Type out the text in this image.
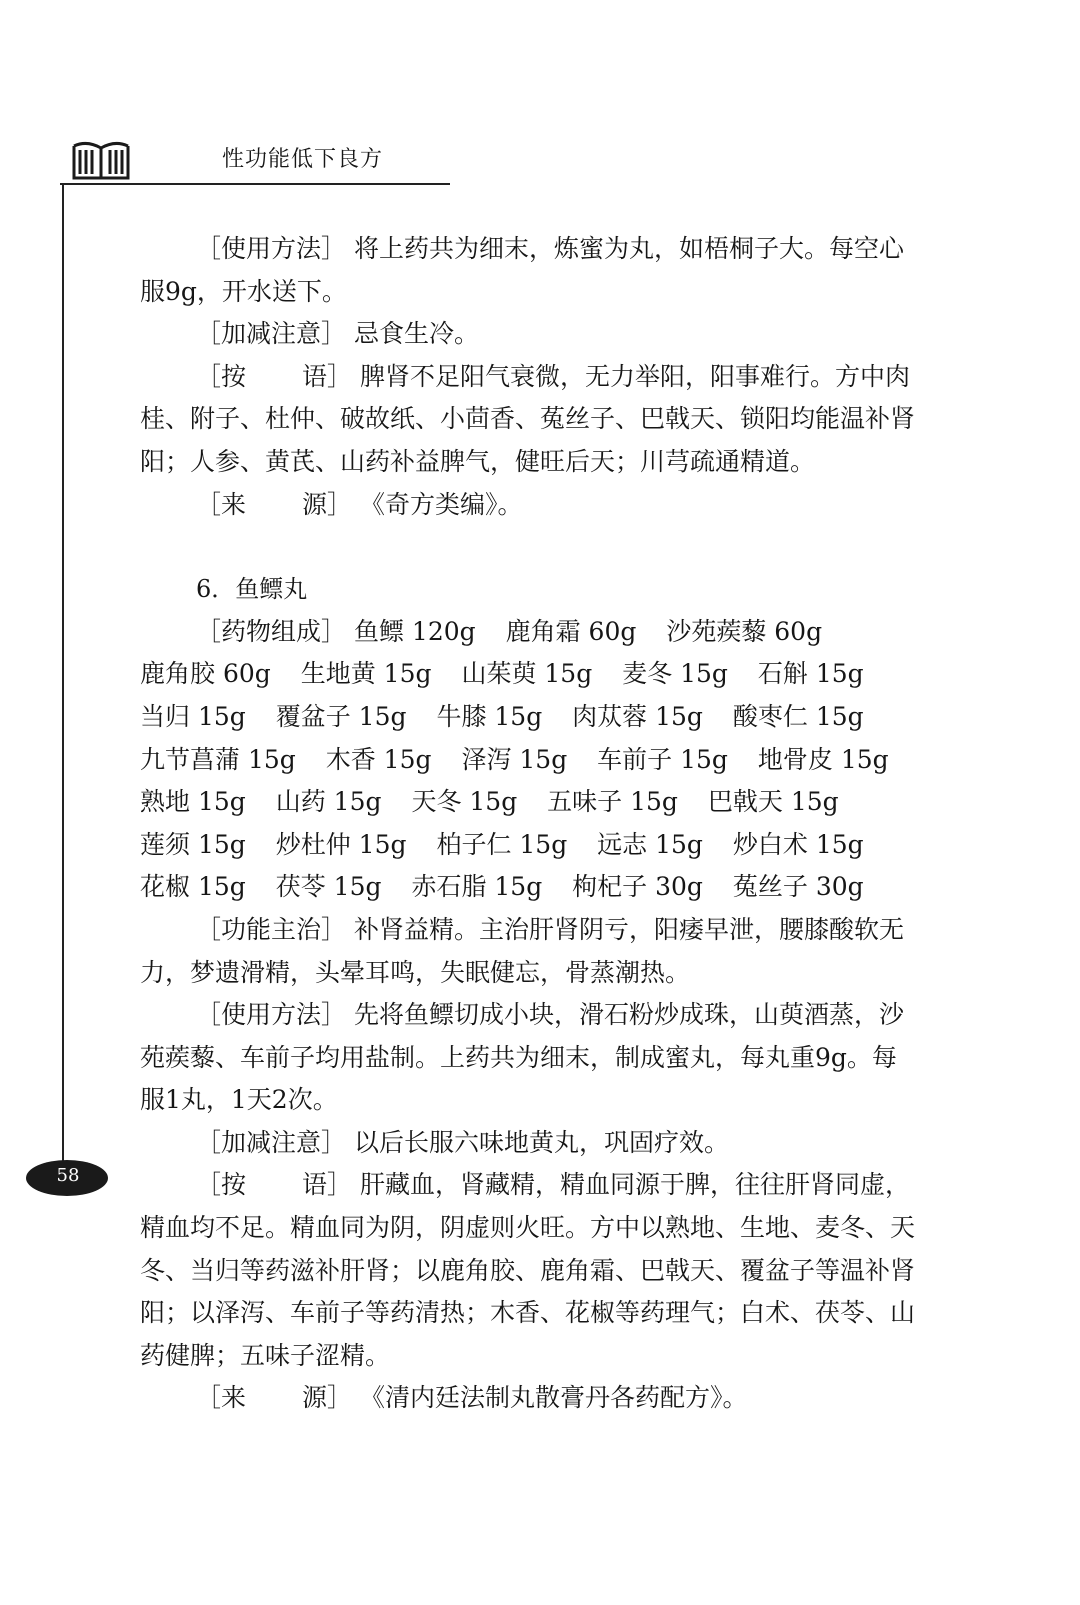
性功能低下良方
58

［使用方法］ 将上药共为细末，炼蜜为丸，如梧桐子大。每空心服9g，开水送下。

［加减注意］ 忌食生冷。

［按 语］ 脾肾不足阳气衰微，无力举阳，阳事难行。方中肉桂、附子、杜仲、破故纸、小茴香、菟丝子、巴戟天、锁阳均能温补肾阳；人参、黄芪、山药补益脾气，健旺后天；川芎疏通精道。

［来 源］ 《奇方类编》。

6．鱼鳔丸

［药物组成］ 鱼鳔 120g 鹿角霜 60g 沙苑蒺藜 60g 鹿角胶 60g 生地黄 15g 山茱萸 15g 麦冬 15g 石斛 15g 当归 15g 覆盆子 15g 牛膝 15g 肉苁蓉 15g 酸枣仁 15g 九节菖蒲 15g 木香 15g 泽泻 15g 车前子 15g 地骨皮 15g 熟地 15g 山药 15g 天冬 15g 五味子 15g 巴戟天 15g 莲须 15g 炒杜仲 15g 柏子仁 15g 远志 15g 炒白术 15g 花椒 15g 茯苓 15g 赤石脂 15g 枸杞子 30g 菟丝子 30g

［功能主治］ 补肾益精。主治肝肾阴亏，阳痿早泄，腰膝酸软无力，梦遗滑精，头晕耳鸣，失眠健忘，骨蒸潮热。

［使用方法］ 先将鱼鳔切成小块，滑石粉炒成珠，山萸酒蒸，沙苑蒺藜、车前子均用盐制。上药共为细末，制成蜜丸，每丸重9g。每服1丸，1天2次。

［加减注意］ 以后长服六味地黄丸，巩固疗效。

［按 语］ 肝藏血，肾藏精，精血同源于脾，往往肝肾同虚，精血均不足。精血同为阴，阴虚则火旺。方中以熟地、生地、麦冬、天冬、当归等药滋补肝肾；以鹿角胶、鹿角霜、巴戟天、覆盆子等温补肾阳；以泽泻、车前子等药清热；木香、花椒等药理气；白术、茯苓、山药健脾；五味子涩精。

［来 源］ 《清内廷法制丸散膏丹各药配方》。
